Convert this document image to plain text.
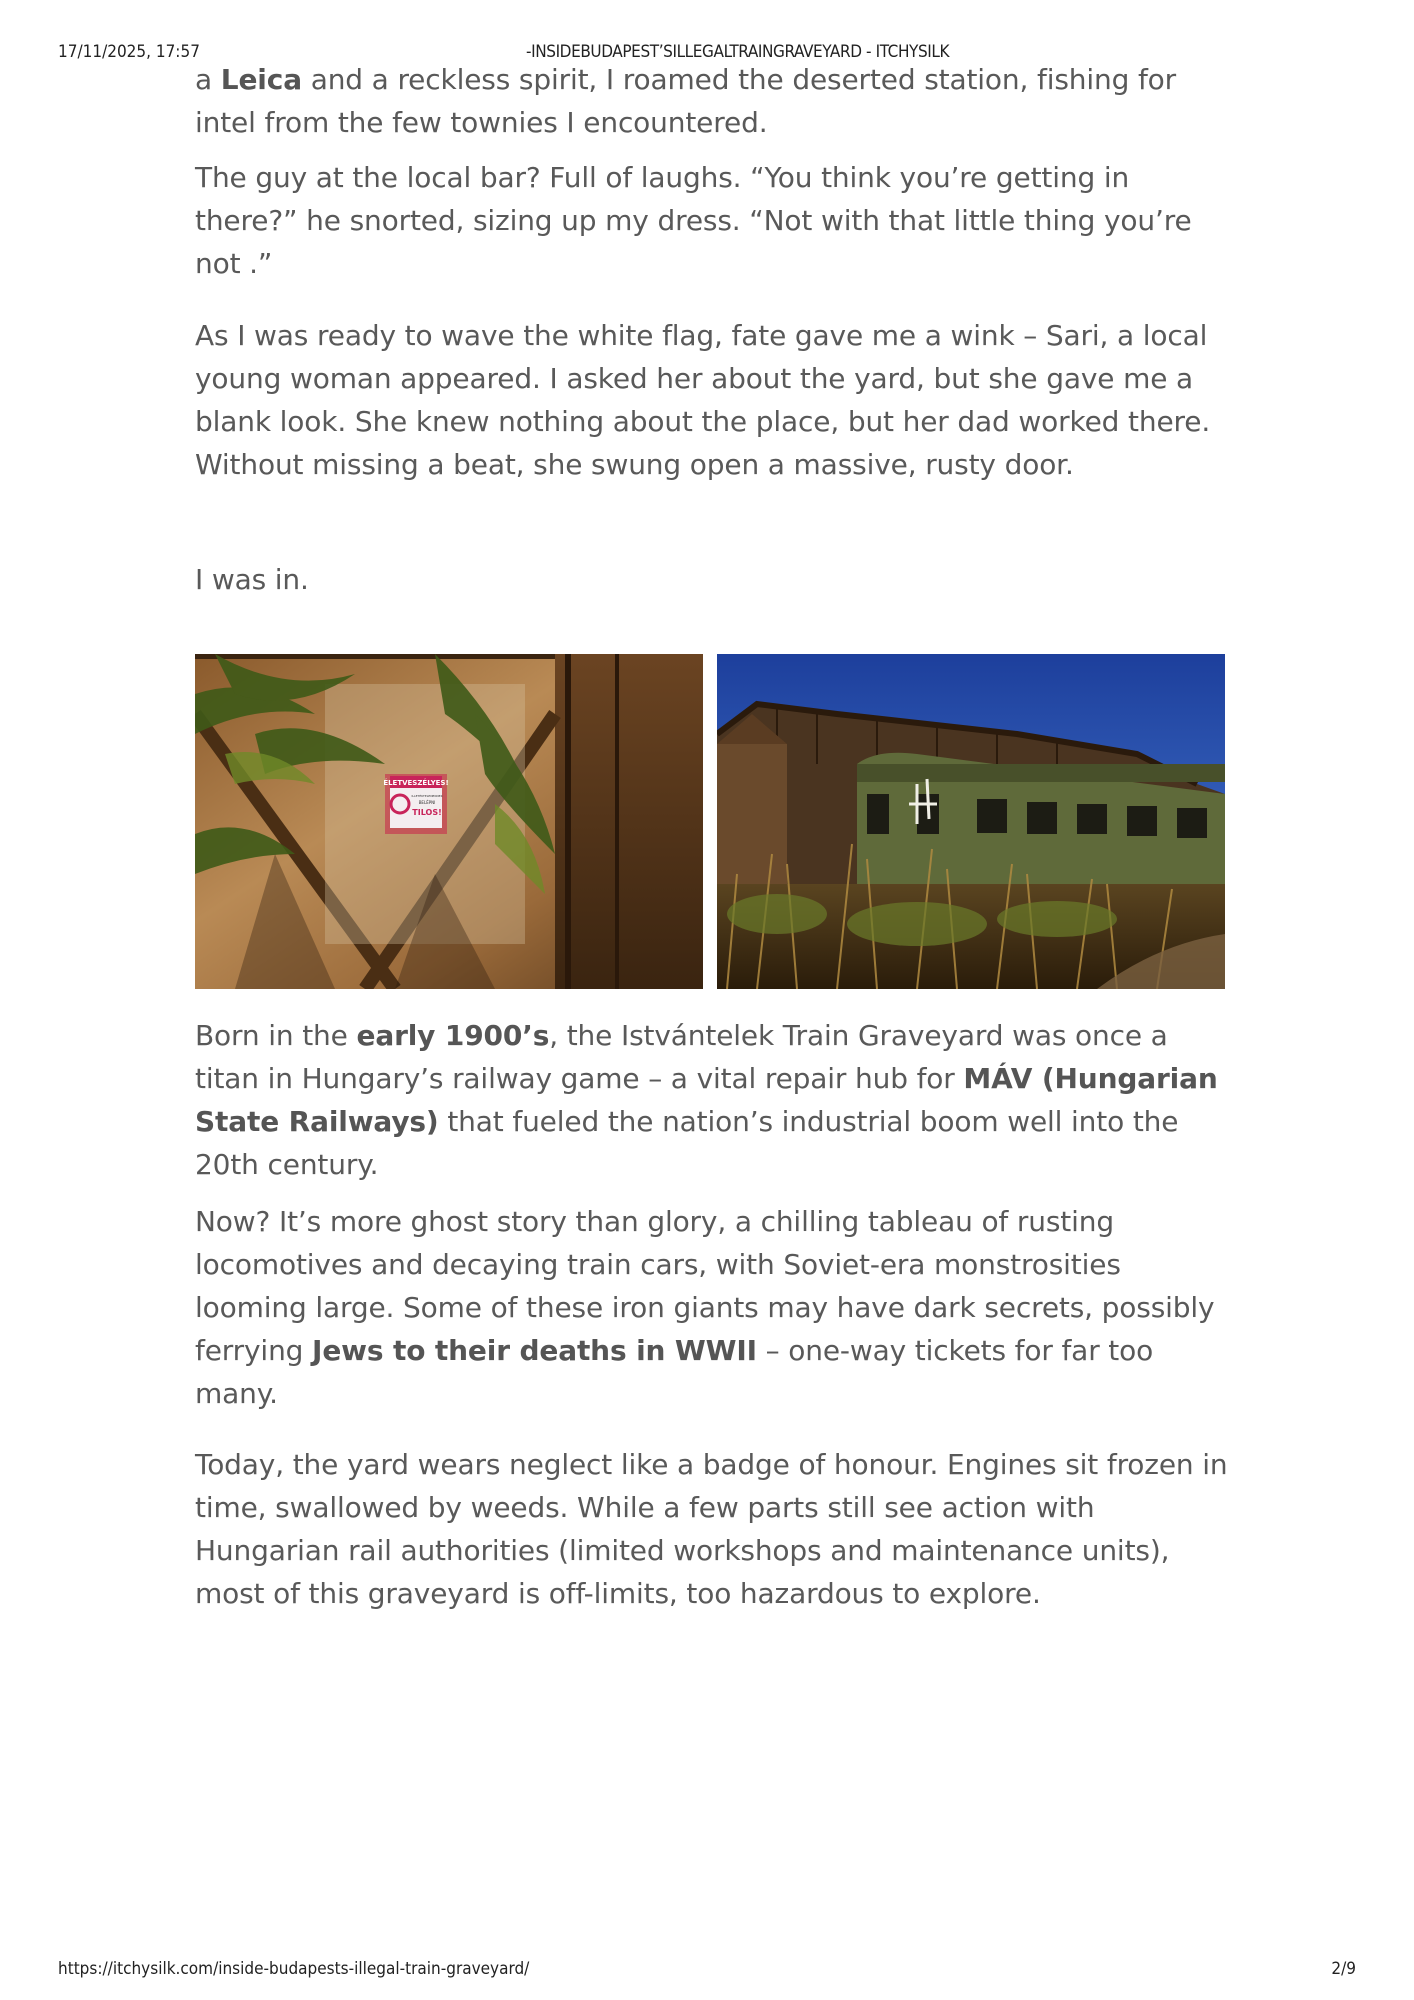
17/11/2025, 17:57	-INSIDEBUDAPEST’SILLEGALTRAINGRAVEYARD - ITCHYSILK

a Leica and a reckless spirit, I roamed the deserted station, fishing for intel from the few townies I encountered.

The guy at the local bar? Full of laughs. “You think you’re getting in there?” he snorted, sizing up my dress. “Not with that little thing you’re not .”

As I was ready to wave the white flag, fate gave me a wink – Sari, a local young woman appeared. I asked her about the yard, but she gave me a blank look. She knew nothing about the place, but her dad worked there. Without missing a beat, she swung open a massive, rusty door.

I was in.

Born in the early 1900’s, the Istvántelek Train Graveyard was once a titan in Hungary’s railway game – a vital repair hub for MÁV (Hungarian State Railways) that fueled the nation’s industrial boom well into the 20th century.

Now? It’s more ghost story than glory, a chilling tableau of rusting locomotives and decaying train cars, with Soviet-era monstrosities looming large. Some of these iron giants may have dark secrets, possibly ferrying Jews to their deaths in WWII – one-way tickets for far too many.

Today, the yard wears neglect like a badge of honour. Engines sit frozen in time, swallowed by weeds. While a few parts still see action with Hungarian rail authorities (limited workshops and maintenance units), most of this graveyard is off-limits, too hazardous to explore.

ÉLETVESZÉLYES!
ILLETÉKTELENEKNEK
BELÉPNI
TILOS!
https://itchysilk.com/inside-budapests-illegal-train-graveyard/	2/9
